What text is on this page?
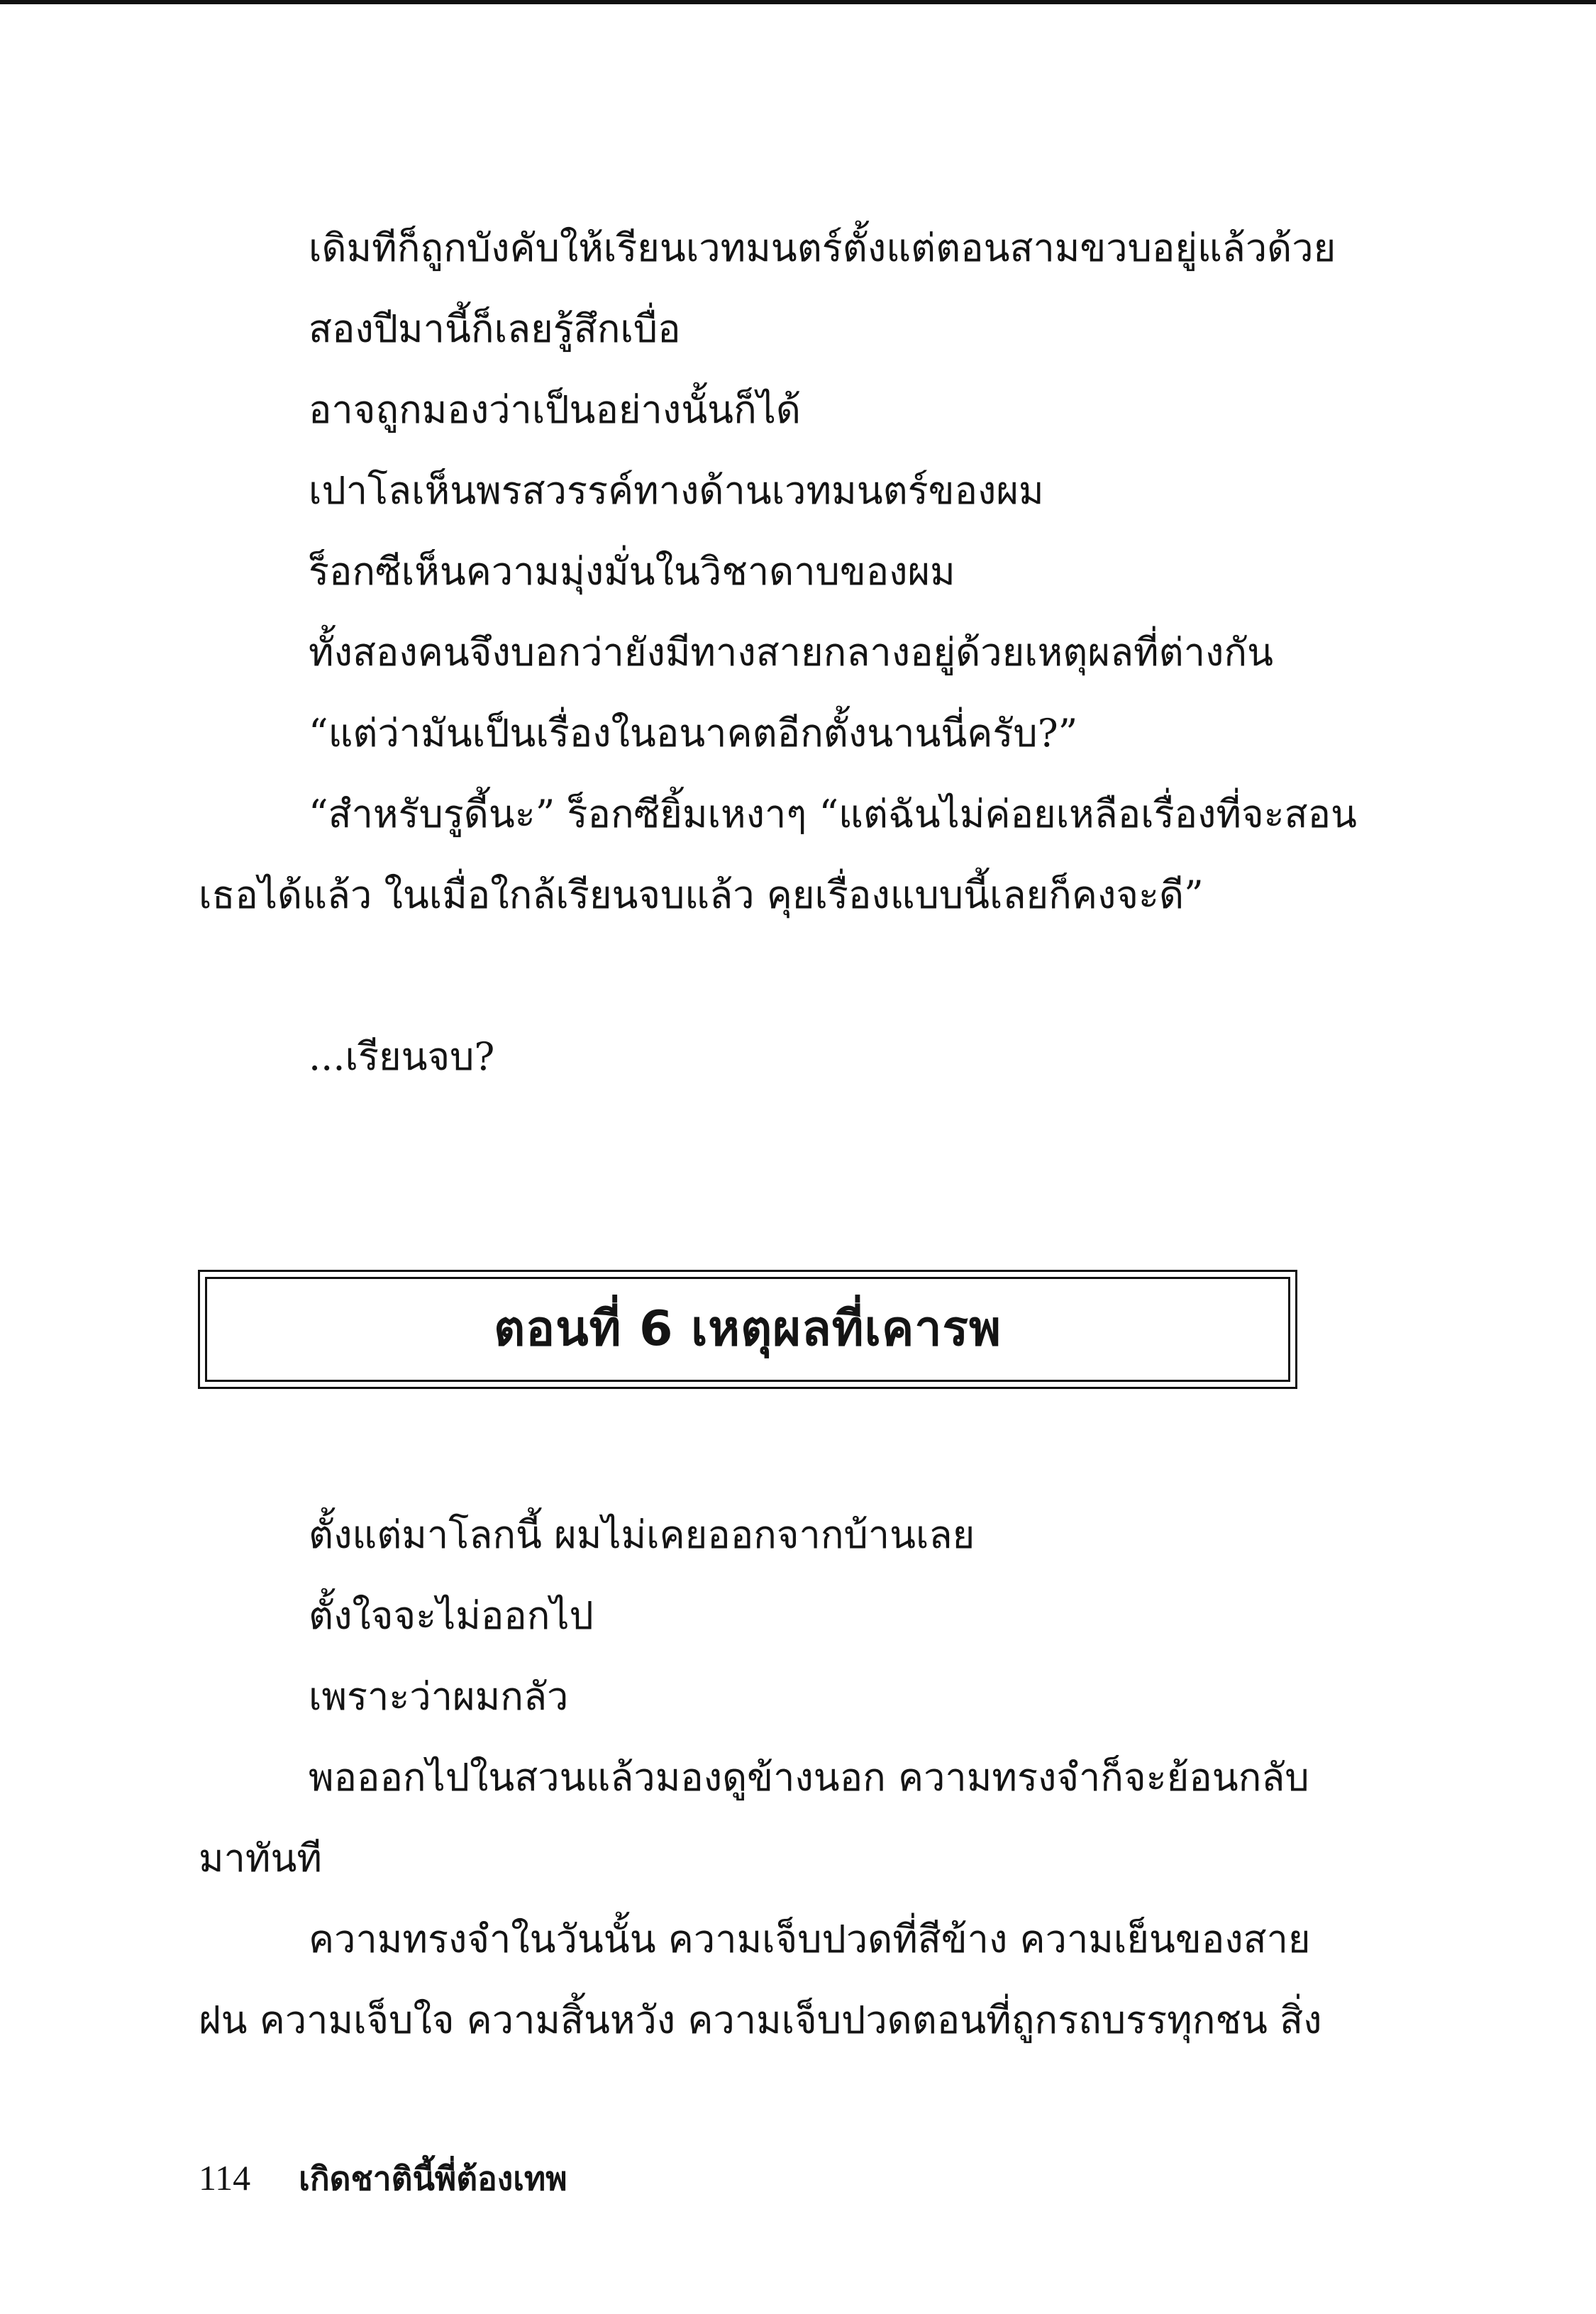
เดิมทีก็ถูกบังคับให้เรียนเวทมนตร์ตั้งแต่ตอนสามขวบอยู่แล้วด้วย
สองปีมานี้ก็เลยรู้สึกเบื่อ
อาจถูกมองว่าเป็นอย่างนั้นก็ได้
เปาโลเห็นพรสวรรค์ทางด้านเวทมนตร์ของผม
ร็อกซีเห็นความมุ่งมั่นในวิชาดาบของผม
ทั้งสองคนจึงบอกว่ายังมีทางสายกลางอยู่ด้วยเหตุผลที่ต่างกัน
“แต่ว่ามันเป็นเรื่องในอนาคตอีกตั้งนานนี่ครับ?”
“สำหรับรูดี้นะ” ร็อกซียิ้มเหงาๆ “แต่ฉันไม่ค่อยเหลือเรื่องที่จะสอน
เธอได้แล้ว ในเมื่อใกล้เรียนจบแล้ว คุยเรื่องแบบนี้เลยก็คงจะดี”
...เรียนจบ?
ตอนที่ 6 เหตุผลที่เคารพ
ตั้งแต่มาโลกนี้ ผมไม่เคยออกจากบ้านเลย
ตั้งใจจะไม่ออกไป
เพราะว่าผมกลัว
พอออกไปในสวนแล้วมองดูข้างนอก ความทรงจำก็จะย้อนกลับ
มาทันที
ความทรงจำในวันนั้น ความเจ็บปวดที่สีข้าง ความเย็นของสาย
ฝน ความเจ็บใจ ความสิ้นหวัง ความเจ็บปวดตอนที่ถูกรถบรรทุกชน สิ่ง
114 เกิดชาตินี้พี่ต้องเทพ
